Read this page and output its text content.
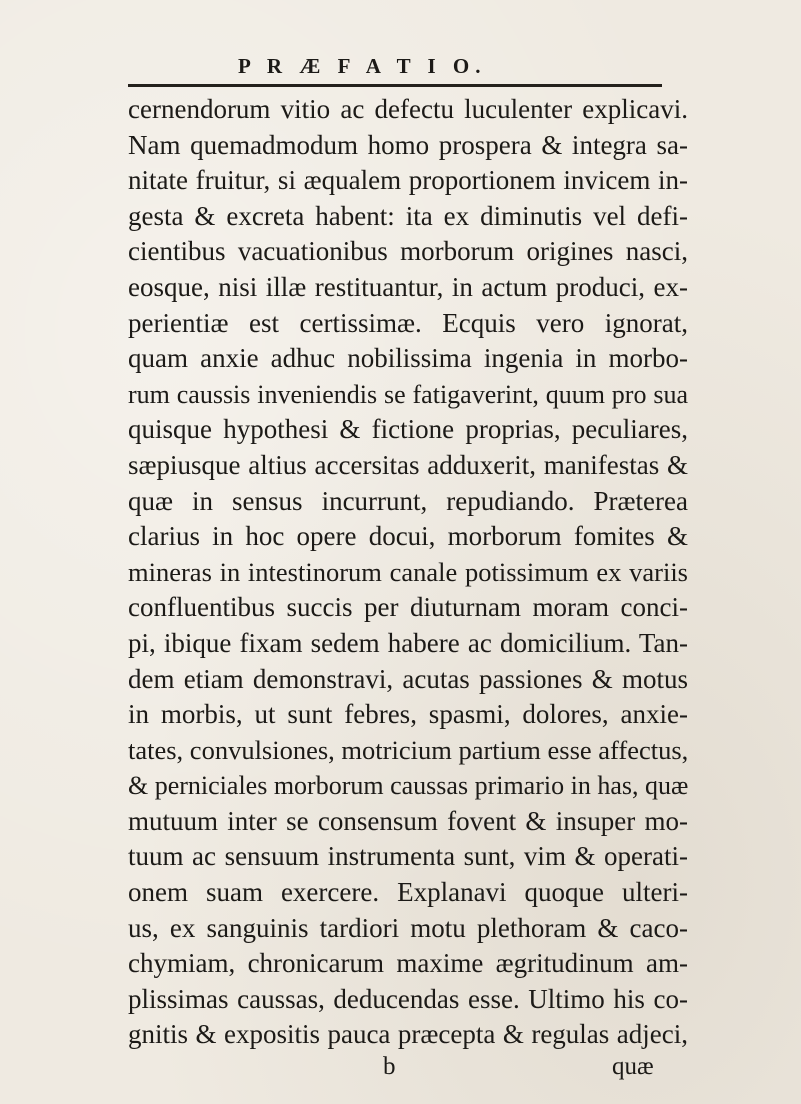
P R Æ F A T I O.
cernendorum vitio ac defectu luculenter explicavi.
Nam quemadmodum homo prospera & integra sa-
nitate fruitur, si æqualem proportionem invicem in-
gesta & excreta habent: ita ex diminutis vel defi-
cientibus vacuationibus morborum origines nasci,
eosque, nisi illæ restituantur, in actum produci, ex-
perientiæ est certissimæ. Ecquis vero ignorat,
quam anxie adhuc nobilissima ingenia in morbo-
rum caussis inveniendis se fatigaverint, quum pro sua
quisque hypothesi & fictione proprias, peculiares,
sæpiusque altius accersitas adduxerit, manifestas &
quæ in sensus incurrunt, repudiando. Præterea
clarius in hoc opere docui, morborum fomites &
mineras in intestinorum canale potissimum ex variis
confluentibus succis per diuturnam moram conci-
pi, ibique fixam sedem habere ac domicilium. Tan-
dem etiam demonstravi, acutas passiones & motus
in morbis, ut sunt febres, spasmi, dolores, anxie-
tates, convulsiones, motricium partium esse affectus,
& perniciales morborum caussas primario in has, quæ
mutuum inter se consensum fovent & insuper mo-
tuum ac sensuum instrumenta sunt, vim & operati-
onem suam exercere. Explanavi quoque ulteri-
us, ex sanguinis tardiori motu plethoram & caco-
chymiam, chronicarum maxime ægritudinum am-
plissimas caussas, deducendas esse. Ultimo his co-
gnitis & expositis pauca præcepta & regulas adjeci,
b	quæ
